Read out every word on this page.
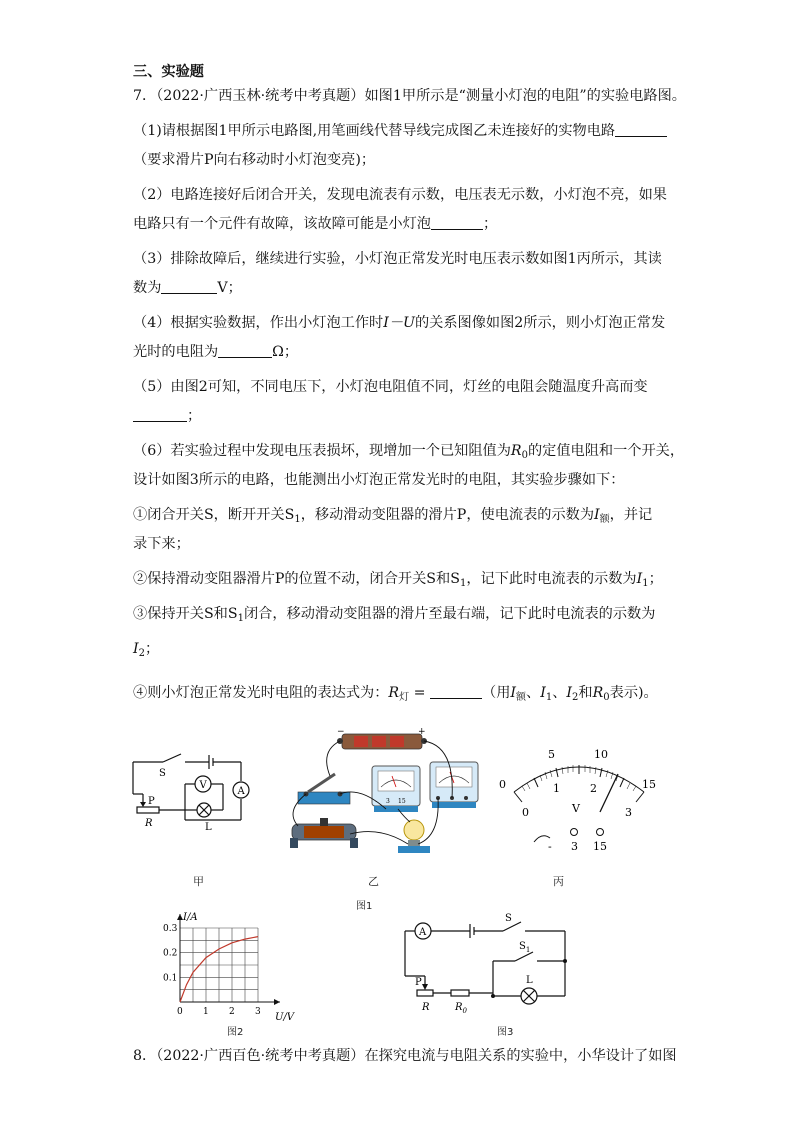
三、实验题
7．（2022·广西玉林·统考中考真题）如图1甲所示是“测量小灯泡的电阻”的实验电路图。
（1)请根据图1甲所示电路图,用笔画线代替导线完成图乙未连接好的实物电路
（要求滑片P向右移动时小灯泡变亮)；
（2）电路连接好后闭合开关，发现电流表有示数，电压表无示数，小灯泡不亮，如果
电路只有一个元件有故障，该故障可能是小灯泡	；
（3）排除故障后，继续进行实验，小灯泡正常发光时电压表示数如图1丙所示，其读
数为	V；
（4）根据实验数据，作出小灯泡工作时I－U的关系图像如图2所示，则小灯泡正常发
光时的电阻为	Ω；
（5）由图2可知，不同电压下，小灯泡电阻值不同，灯丝的电阻会随温度升高而变
；
（6）若实验过程中发现电压表损坏，现增加一个已知阻值为$R_0$的定值电阻和一个开关，
设计如图3所示的电路，也能测出小灯泡正常发光时的电阻，其实验步骤如下：
①闭合开关S，断开开关$S_1$，移动滑动变阻器的滑片P，使电流表的示数为$I_额$，并记
录下来；
②保持滑动变阻器滑片P的位置不动，闭合开关S和$S_1$，记下此时电流表的示数为$I_1$；
③保持开关S和$S_1$闭合，移动滑动变阻器的滑片至最右端，记下此时电流表的示数为
$I_2$；
④则小灯泡正常发光时电阻的表达式为：$R_灯$ =	（用$I_额$、$I_1$、$I_2$和$R_0$表示)。
S
V
A
P
R	L
−	+
- 3 15
0
5	10
15
0
1	2
3
V
- 3 15
甲	乙	丙
图1
0 1 2 3
0.1
0.2
0.3
I/A
U/V
图2
A
S
$S_1$
L
P
R	$R_0$
图3
8．（2022·广西百色·统考中考真题）在探究电流与电阻关系的实验中，小华设计了如图
